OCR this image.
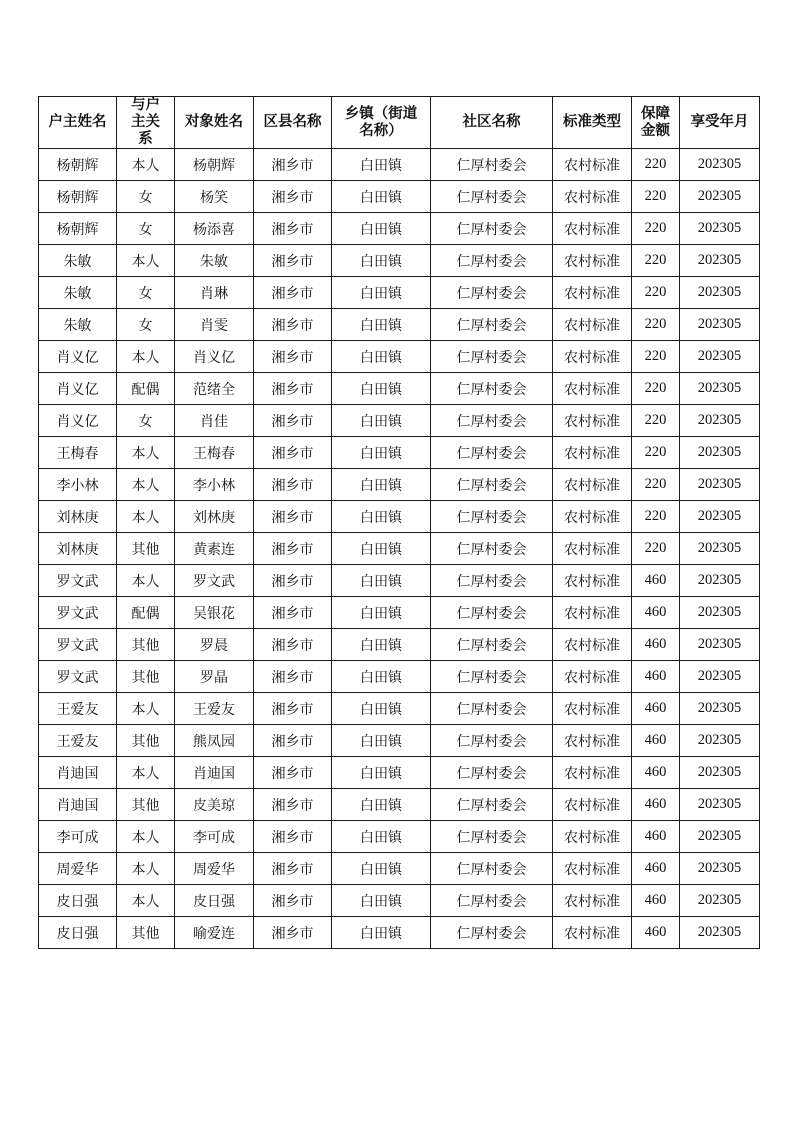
户主姓名	与户主关系	对象姓名	区县名称	乡镇（街道名称）	社区名称	标准类型	保障金额	享受年月
杨朝辉	本人	杨朝辉	湘乡市	白田镇	仁厚村委会	农村标准	220	202305
杨朝辉	女	杨笑	湘乡市	白田镇	仁厚村委会	农村标准	220	202305
杨朝辉	女	杨添喜	湘乡市	白田镇	仁厚村委会	农村标准	220	202305
朱敏	本人	朱敏	湘乡市	白田镇	仁厚村委会	农村标准	220	202305
朱敏	女	肖琳	湘乡市	白田镇	仁厚村委会	农村标准	220	202305
朱敏	女	肖雯	湘乡市	白田镇	仁厚村委会	农村标准	220	202305
肖义亿	本人	肖义亿	湘乡市	白田镇	仁厚村委会	农村标准	220	202305
肖义亿	配偶	范绪全	湘乡市	白田镇	仁厚村委会	农村标准	220	202305
肖义亿	女	肖佳	湘乡市	白田镇	仁厚村委会	农村标准	220	202305
王梅春	本人	王梅春	湘乡市	白田镇	仁厚村委会	农村标准	220	202305
李小林	本人	李小林	湘乡市	白田镇	仁厚村委会	农村标准	220	202305
刘林庚	本人	刘林庚	湘乡市	白田镇	仁厚村委会	农村标准	220	202305
刘林庚	其他	黄素连	湘乡市	白田镇	仁厚村委会	农村标准	220	202305
罗文武	本人	罗文武	湘乡市	白田镇	仁厚村委会	农村标准	460	202305
罗文武	配偶	吴银花	湘乡市	白田镇	仁厚村委会	农村标准	460	202305
罗文武	其他	罗晨	湘乡市	白田镇	仁厚村委会	农村标准	460	202305
罗文武	其他	罗晶	湘乡市	白田镇	仁厚村委会	农村标准	460	202305
王爱友	本人	王爱友	湘乡市	白田镇	仁厚村委会	农村标准	460	202305
王爱友	其他	熊凤园	湘乡市	白田镇	仁厚村委会	农村标准	460	202305
肖迪国	本人	肖迪国	湘乡市	白田镇	仁厚村委会	农村标准	460	202305
肖迪国	其他	皮美琼	湘乡市	白田镇	仁厚村委会	农村标准	460	202305
李可成	本人	李可成	湘乡市	白田镇	仁厚村委会	农村标准	460	202305
周爱华	本人	周爱华	湘乡市	白田镇	仁厚村委会	农村标准	460	202305
皮日强	本人	皮日强	湘乡市	白田镇	仁厚村委会	农村标准	460	202305
皮日强	其他	喻爱连	湘乡市	白田镇	仁厚村委会	农村标准	460	202305
